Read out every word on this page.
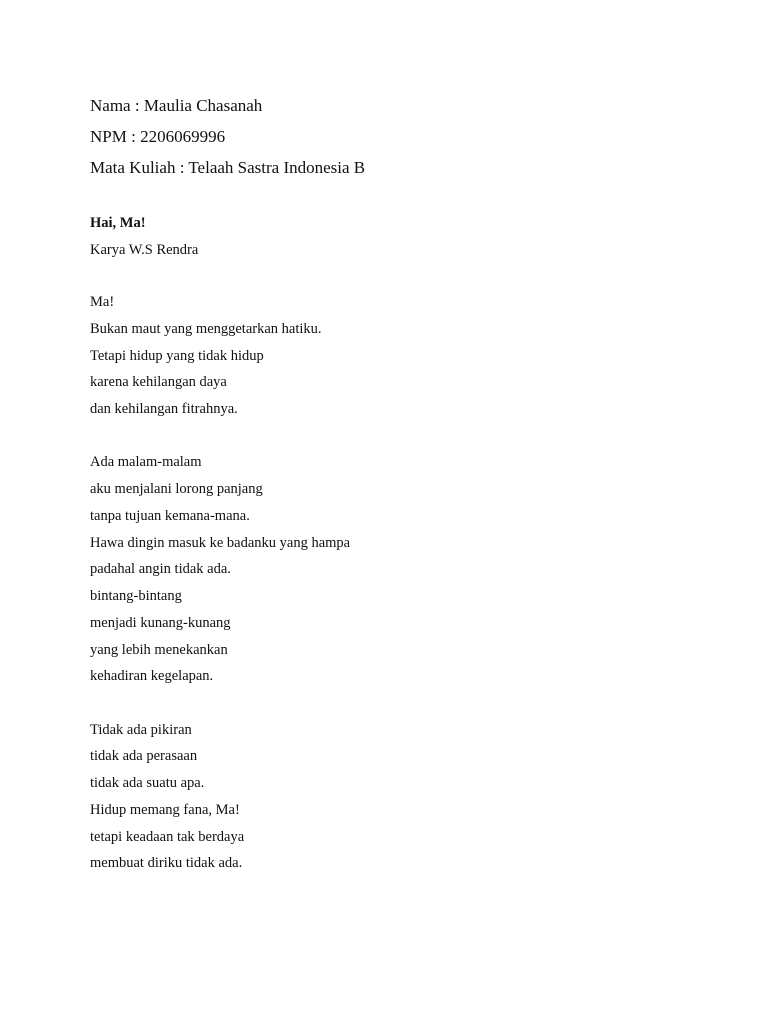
Nama : Maulia Chasanah
NPM : 2206069996
Mata Kuliah : Telaah Sastra Indonesia B
Hai, Ma!
Karya W.S Rendra
Ma!
Bukan maut yang menggetarkan hatiku.
Tetapi hidup yang tidak hidup
karena kehilangan daya
dan kehilangan fitrahnya.
Ada malam-malam
aku menjalani lorong panjang
tanpa tujuan kemana-mana.
Hawa dingin masuk ke badanku yang hampa
padahal angin tidak ada.
bintang-bintang
menjadi kunang-kunang
yang lebih menekankan
kehadiran kegelapan.
Tidak ada pikiran
tidak ada perasaan
tidak ada suatu apa.
Hidup memang fana, Ma!
tetapi keadaan tak berdaya
membuat diriku tidak ada.
